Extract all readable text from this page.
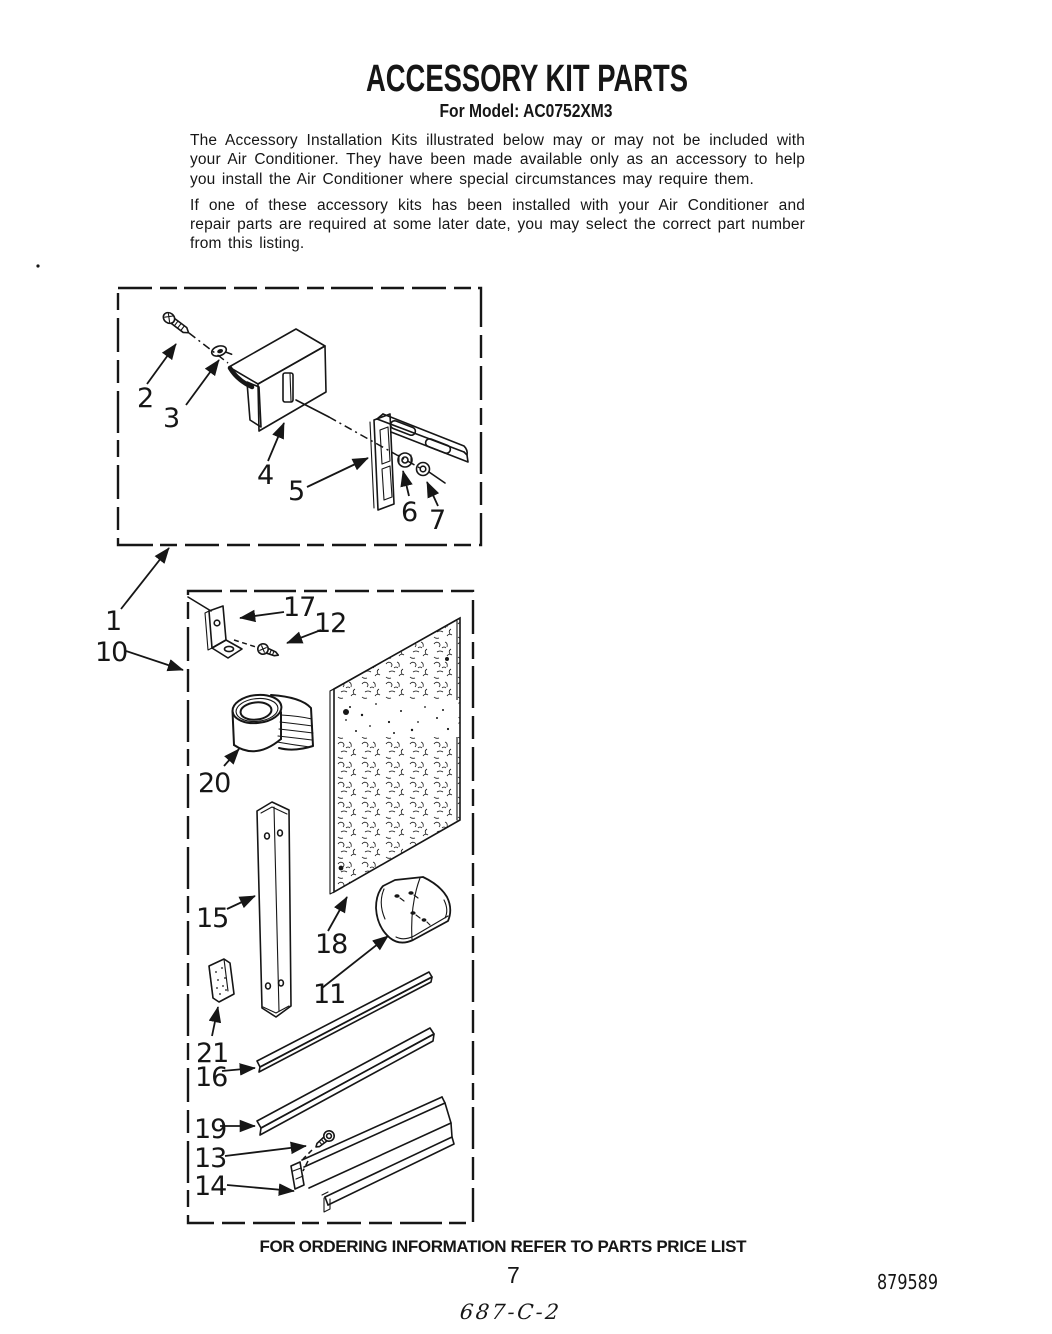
The Accessory Installation Kits illustrated below may or may not be included with your Air Conditioner. They have been made available only as an accessory to help you install the Air Conditioner where special circumstances may require them.

If one of these accessory kits has been installed with your Air Conditioner and repair parts are required at some later date, you may select the correct part number from this listing.

687-C-2
ACCESSORY KIT PARTS
For Model: AC0752XM3
FOR ORDERING INFORMATION REFER TO PARTS PRICE LIST
7	879589
1
10
2
3
4
5
6 7
17
12
20
15
18
11
21
16
19
13
14
